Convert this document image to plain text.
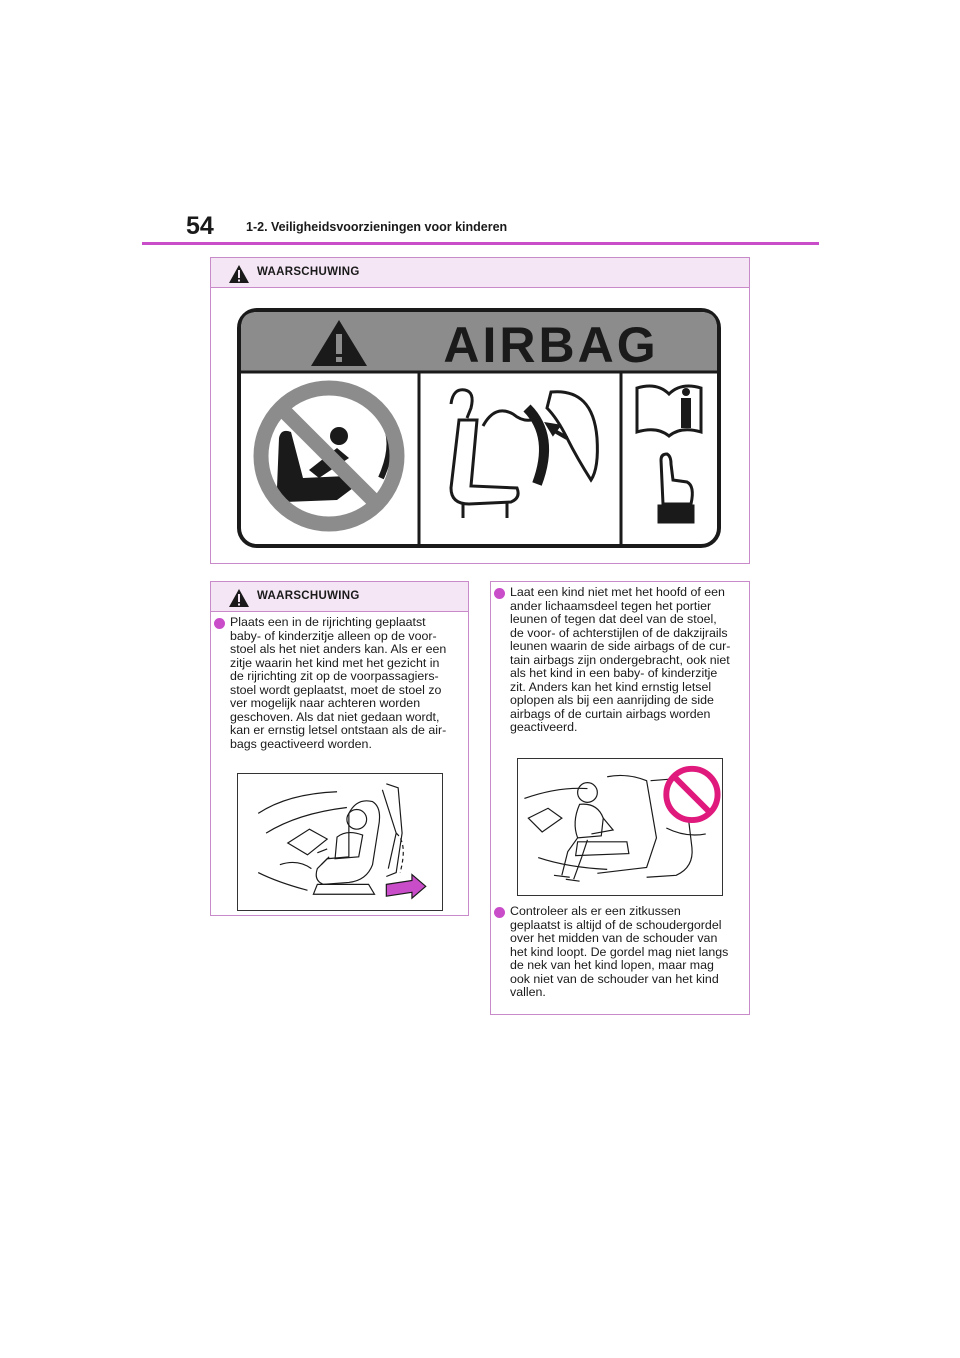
54	1-2. Veiligheidsvoorzieningen voor kinderen
WAARSCHUWING
AIRBAG
WAARSCHUWING
Plaats een in de rijrichting geplaatst
baby- of kinderzitje alleen op de voor-
stoel als het niet anders kan. Als er een
zitje waarin het kind met het gezicht in
de rijrichting zit op de voorpassagiers-
stoel wordt geplaatst, moet de stoel zo
ver mogelijk naar achteren worden
geschoven. Als dat niet gedaan wordt,
kan er ernstig letsel ontstaan als de air-
bags geactiveerd worden.
Laat een kind niet met het hoofd of een
ander lichaamsdeel tegen het portier
leunen of tegen dat deel van de stoel,
de voor- of achterstijlen of de dakzijrails
leunen waarin de side airbags of de cur-
tain airbags zijn ondergebracht, ook niet
als het kind in een baby- of kinderzitje
zit. Anders kan het kind ernstig letsel
oplopen als bij een aanrijding de side
airbags of de curtain airbags worden
geactiveerd.
Controleer als er een zitkussen
geplaatst is altijd of de schoudergordel
over het midden van de schouder van
het kind loopt. De gordel mag niet langs
de nek van het kind lopen, maar mag
ook niet van de schouder van het kind
vallen.
